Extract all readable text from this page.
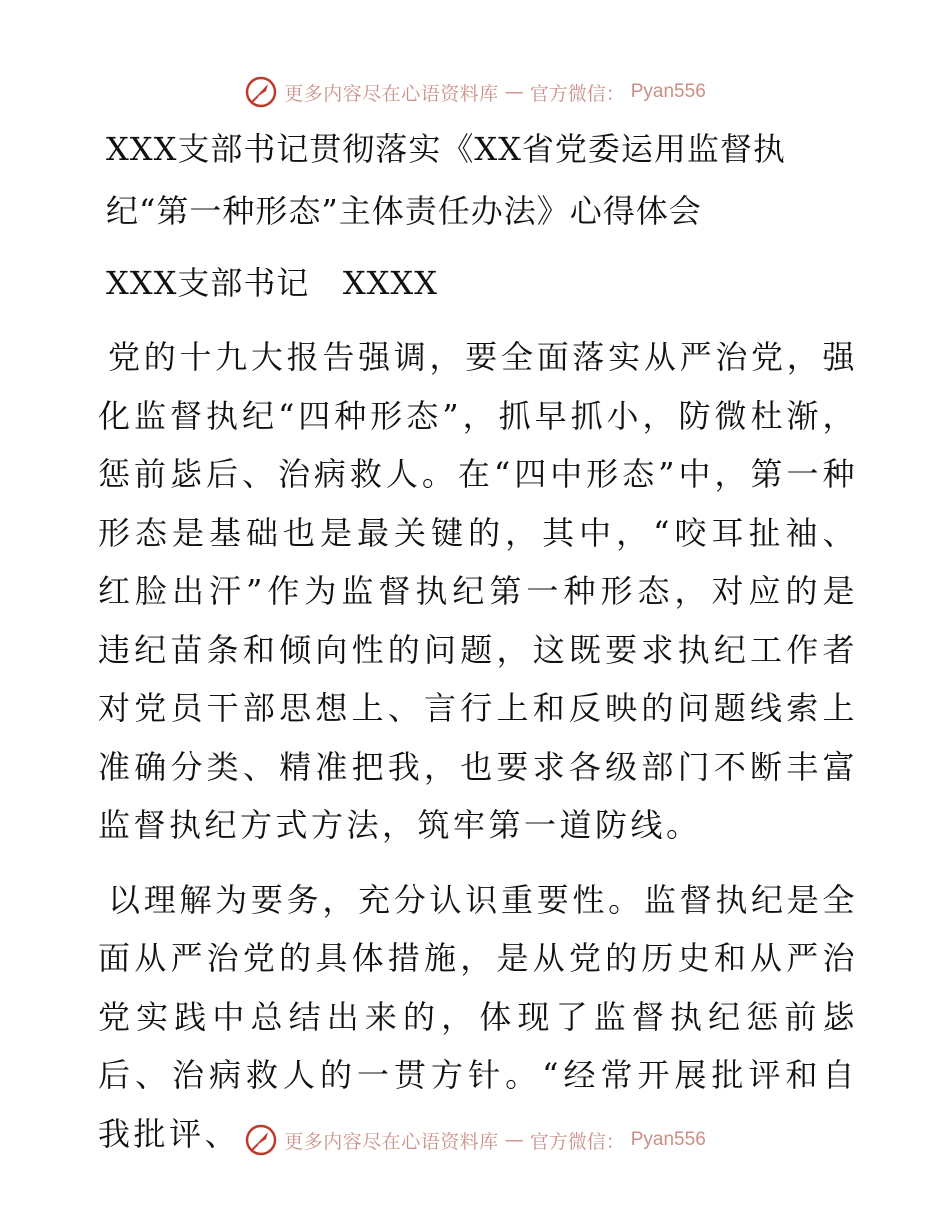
更多内容尽在心语资料库 — 官方微信： Pyan556
XXX支部书记贯彻落实《XX省党委运用监督执纪“第一种形态”主体责任办法》心得体会

XXX支部书记   XXXX

党的十九大报告强调，要全面落实从严治党，强化监督执纪“四种形态”，抓早抓小，防微杜渐，惩前毖后、治病救人。在“四中形态”中，第一种形态是基础也是最关键的，其中，“咬耳扯袖、红脸出汗”作为监督执纪第一种形态，对应的是违纪苗条和倾向性的问题，这既要求执纪工作者对党员干部思想上、言行上和反映的问题线索上准确分类、精准把我，也要求各级部门不断丰富监督执纪方式方法，筑牢第一道防线。

以理解为要务，充分认识重要性。监督执纪是全面从严治党的具体措施，是从党的历史和从严治党实践中总结出来的，体现了监督执纪惩前毖后、治病救人的一贯方针。“经常开展批评和自我批评、	更多内容尽在心语资料库 — 官方微信： Pyan556
